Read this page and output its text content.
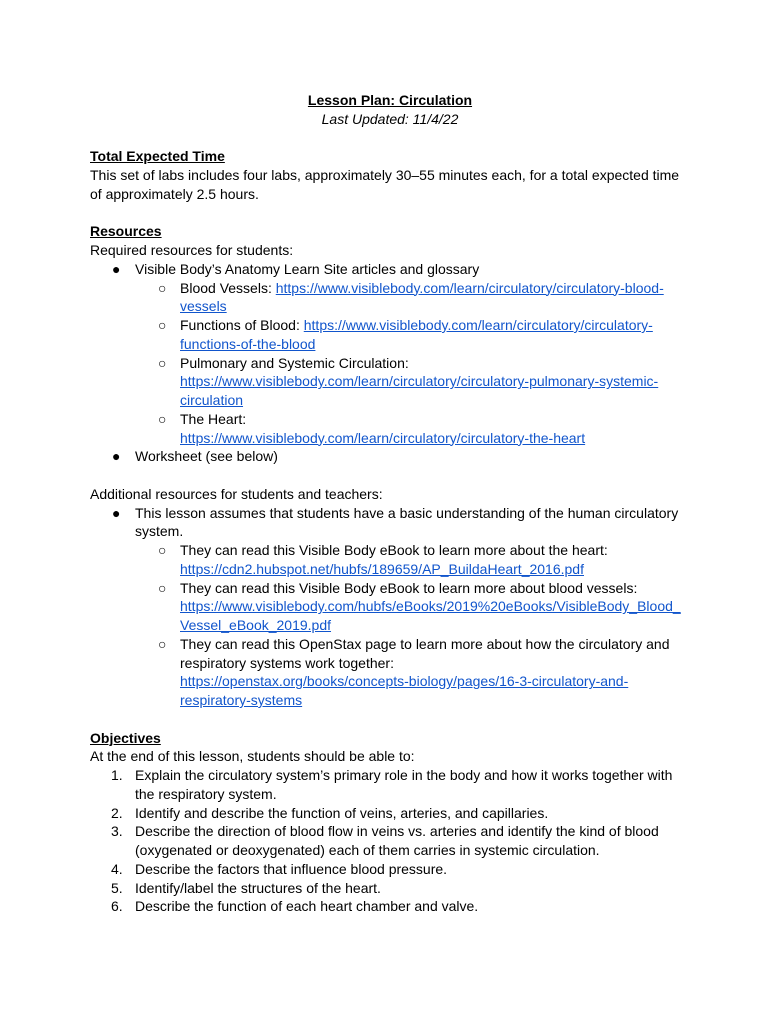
Lesson Plan: Circulation
Last Updated: 11/4/22
Total Expected Time
This set of labs includes four labs, approximately 30–55 minutes each, for a total expected time
of approximately 2.5 hours.
Resources
Required resources for students:
● Visible Body’s Anatomy Learn Site articles and glossary
○ Blood Vessels: https://www.visiblebody.com/learn/circulatory/circulatory-blood-
vessels
○ Functions of Blood: https://www.visiblebody.com/learn/circulatory/circulatory-
functions-of-the-blood
○ Pulmonary and Systemic Circulation:
https://www.visiblebody.com/learn/circulatory/circulatory-pulmonary-systemic-
circulation
○ The Heart:
https://www.visiblebody.com/learn/circulatory/circulatory-the-heart
● Worksheet (see below)
Additional resources for students and teachers:
● This lesson assumes that students have a basic understanding of the human circulatory
system.
○ They can read this Visible Body eBook to learn more about the heart:
https://cdn2.hubspot.net/hubfs/189659/AP_BuildaHeart_2016.pdf
○ They can read this Visible Body eBook to learn more about blood vessels:
https://www.visiblebody.com/hubfs/eBooks/2019%20eBooks/VisibleBody_Blood_
Vessel_eBook_2019.pdf
○ They can read this OpenStax page to learn more about how the circulatory and
respiratory systems work together:
https://openstax.org/books/concepts-biology/pages/16-3-circulatory-and-
respiratory-systems
Objectives
At the end of this lesson, students should be able to:
1. Explain the circulatory system’s primary role in the body and how it works together with
the respiratory system.
2. Identify and describe the function of veins, arteries, and capillaries.
3. Describe the direction of blood flow in veins vs. arteries and identify the kind of blood
(oxygenated or deoxygenated) each of them carries in systemic circulation.
4. Describe the factors that influence blood pressure.
5. Identify/label the structures of the heart.
6. Describe the function of each heart chamber and valve.
